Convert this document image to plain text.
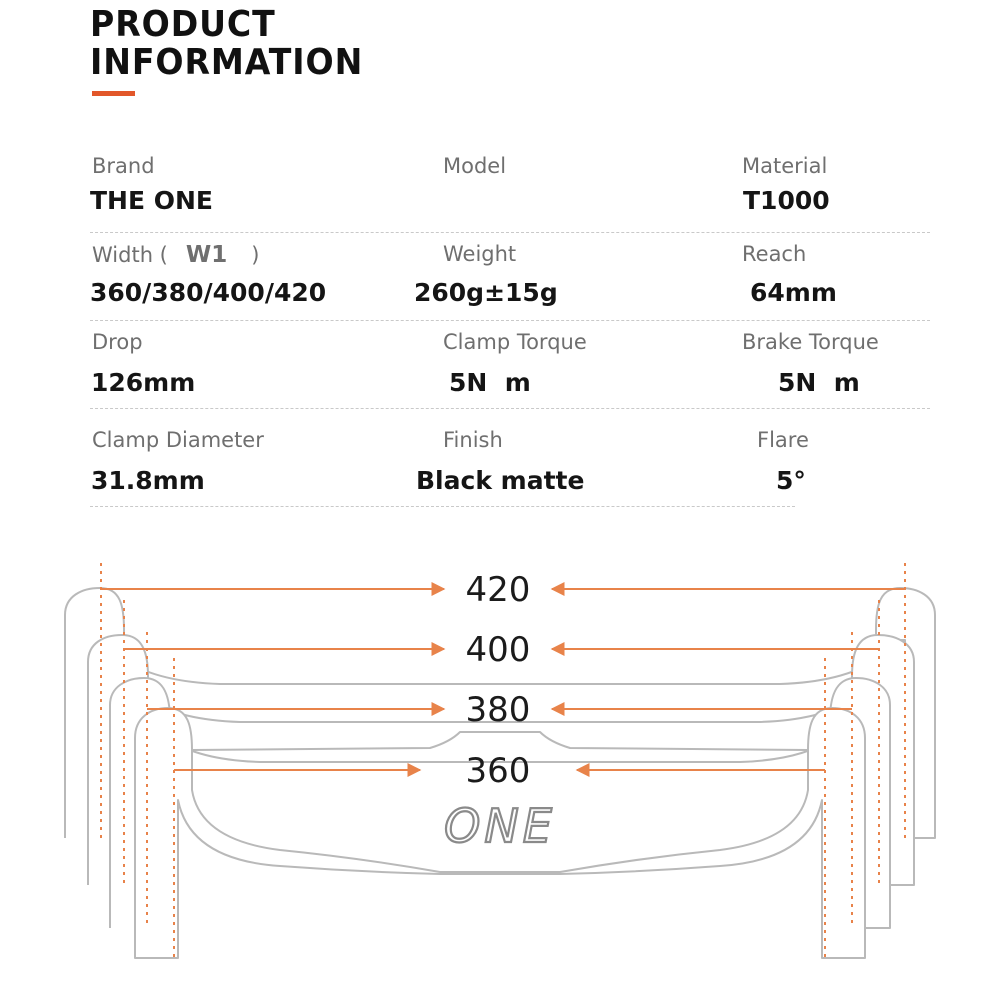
PRODUCT
INFORMATION
Brand
THE ONE
Model	Material
T1000
Width ( W1 )
360/380/400/420
Weight
260g±15g
Reach
64mm
Drop
126mm
Clamp Torque
5N  m
Brake Torque
5N  m
Clamp Diameter
31.8mm
Finish
Black matte
Flare
5°
ONE
420
400
380
360
